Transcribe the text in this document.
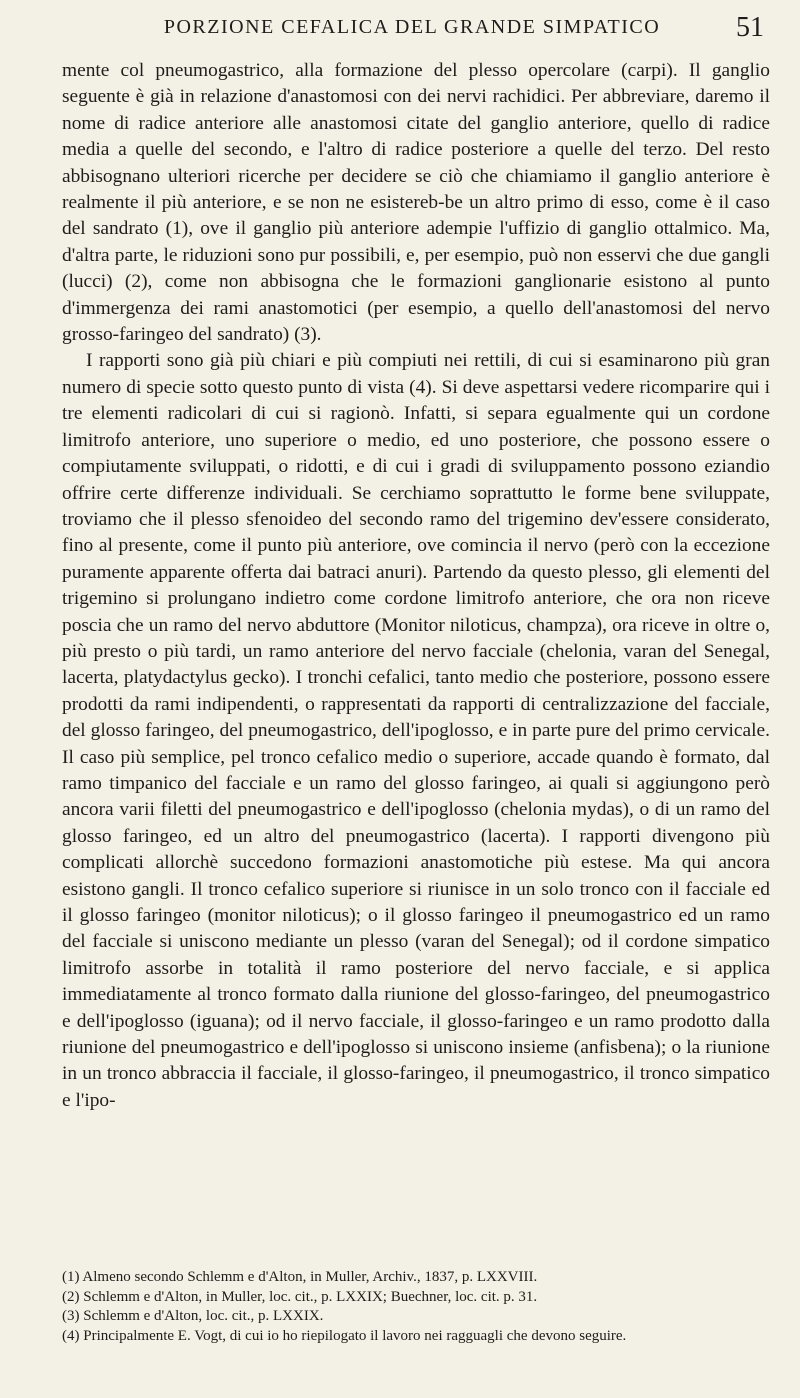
PORZIONE CEFALICA DEL GRANDE SIMPATICO	51

mente col pneumogastrico, alla formazione del plesso opercolare (carpi). Il ganglio seguente è già in relazione d'anastomosi con dei nervi rachidici. Per abbreviare, daremo il nome di radice anteriore alle anastomosi citate del ganglio anteriore, quello di radice media a quelle del secondo, e l'altro di radice posteriore a quelle del terzo. Del resto abbisognano ulteriori ricerche per decidere se ciò che chiamiamo il ganglio anteriore è realmente il più anteriore, e se non ne esistereb-be un altro primo di esso, come è il caso del sandrato (1), ove il ganglio più anteriore adempie l'uffizio di ganglio ottalmico. Ma, d'altra parte, le riduzioni sono pur possibili, e, per esempio, può non esservi che due gangli (lucci) (2), come non abbisogna che le formazioni ganglionarie esistono al punto d'immergenza dei rami anastomotici (per esempio, a quello dell'anastomosi del nervo grosso-faringeo del sandrato) (3).

I rapporti sono già più chiari e più compiuti nei rettili, di cui si esaminarono più gran numero di specie sotto questo punto di vista (4). Si deve aspettarsi vedere ricomparire qui i tre elementi radicolari di cui si ragionò. Infatti, si separa egualmente qui un cordone limitrofo anteriore, uno superiore o medio, ed uno posteriore, che possono essere o compiutamente sviluppati, o ridotti, e di cui i gradi di sviluppamento possono eziandio offrire certe differenze individuali. Se cerchiamo soprattutto le forme bene sviluppate, troviamo che il plesso sfenoideo del secondo ramo del trigemino dev'essere considerato, fino al presente, come il punto più anteriore, ove comincia il nervo (però con la eccezione puramente apparente offerta dai batraci anuri). Partendo da questo plesso, gli elementi del trigemino si prolungano indietro come cordone limitrofo anteriore, che ora non riceve poscia che un ramo del nervo abduttore (Monitor niloticus, champza), ora riceve in oltre o, più presto o più tardi, un ramo anteriore del nervo facciale (chelonia, varan del Senegal, lacerta, platydactylus gecko). I tronchi cefalici, tanto medio che posteriore, possono essere prodotti da rami indipendenti, o rappresentati da rapporti di centralizzazione del facciale, del glosso faringeo, del pneumogastrico, dell'ipoglosso, e in parte pure del primo cervicale. Il caso più semplice, pel tronco cefalico medio o superiore, accade quando è formato, dal ramo timpanico del facciale e un ramo del glosso faringeo, ai quali si aggiungono però ancora varii filetti del pneumogastrico e dell'ipoglosso (chelonia mydas), o di un ramo del glosso faringeo, ed un altro del pneumogastrico (lacerta). I rapporti divengono più complicati allorchè succedono formazioni anastomotiche più estese. Ma qui ancora esistono gangli. Il tronco cefalico superiore si riunisce in un solo tronco con il facciale ed il glosso faringeo (monitor niloticus); o il glosso faringeo il pneumogastrico ed un ramo del facciale si uniscono mediante un plesso (varan del Senegal); od il cordone simpatico limitrofo assorbe in totalità il ramo posteriore del nervo facciale, e si applica immediatamente al tronco formato dalla riunione del glosso-faringeo, del pneumogastrico e dell'ipoglosso (iguana); od il nervo facciale, il glosso-faringeo e un ramo prodotto dalla riunione del pneumogastrico e dell'ipoglosso si uniscono insieme (anfisbena); o la riunione in un tronco abbraccia il facciale, il glosso-faringeo, il pneumogastrico, il tronco simpatico e l'ipo-

(1) Almeno secondo Schlemm e d'Alton, in Muller, Archiv., 1837, p. LXXVIII.

(2) Schlemm e d'Alton, in Muller, loc. cit., p. LXXIX; Buechner, loc. cit. p. 31.

(3) Schlemm e d'Alton, loc. cit., p. LXXIX.

(4) Principalmente E. Vogt, di cui io ho riepilogato il lavoro nei ragguagli che devono seguire.
